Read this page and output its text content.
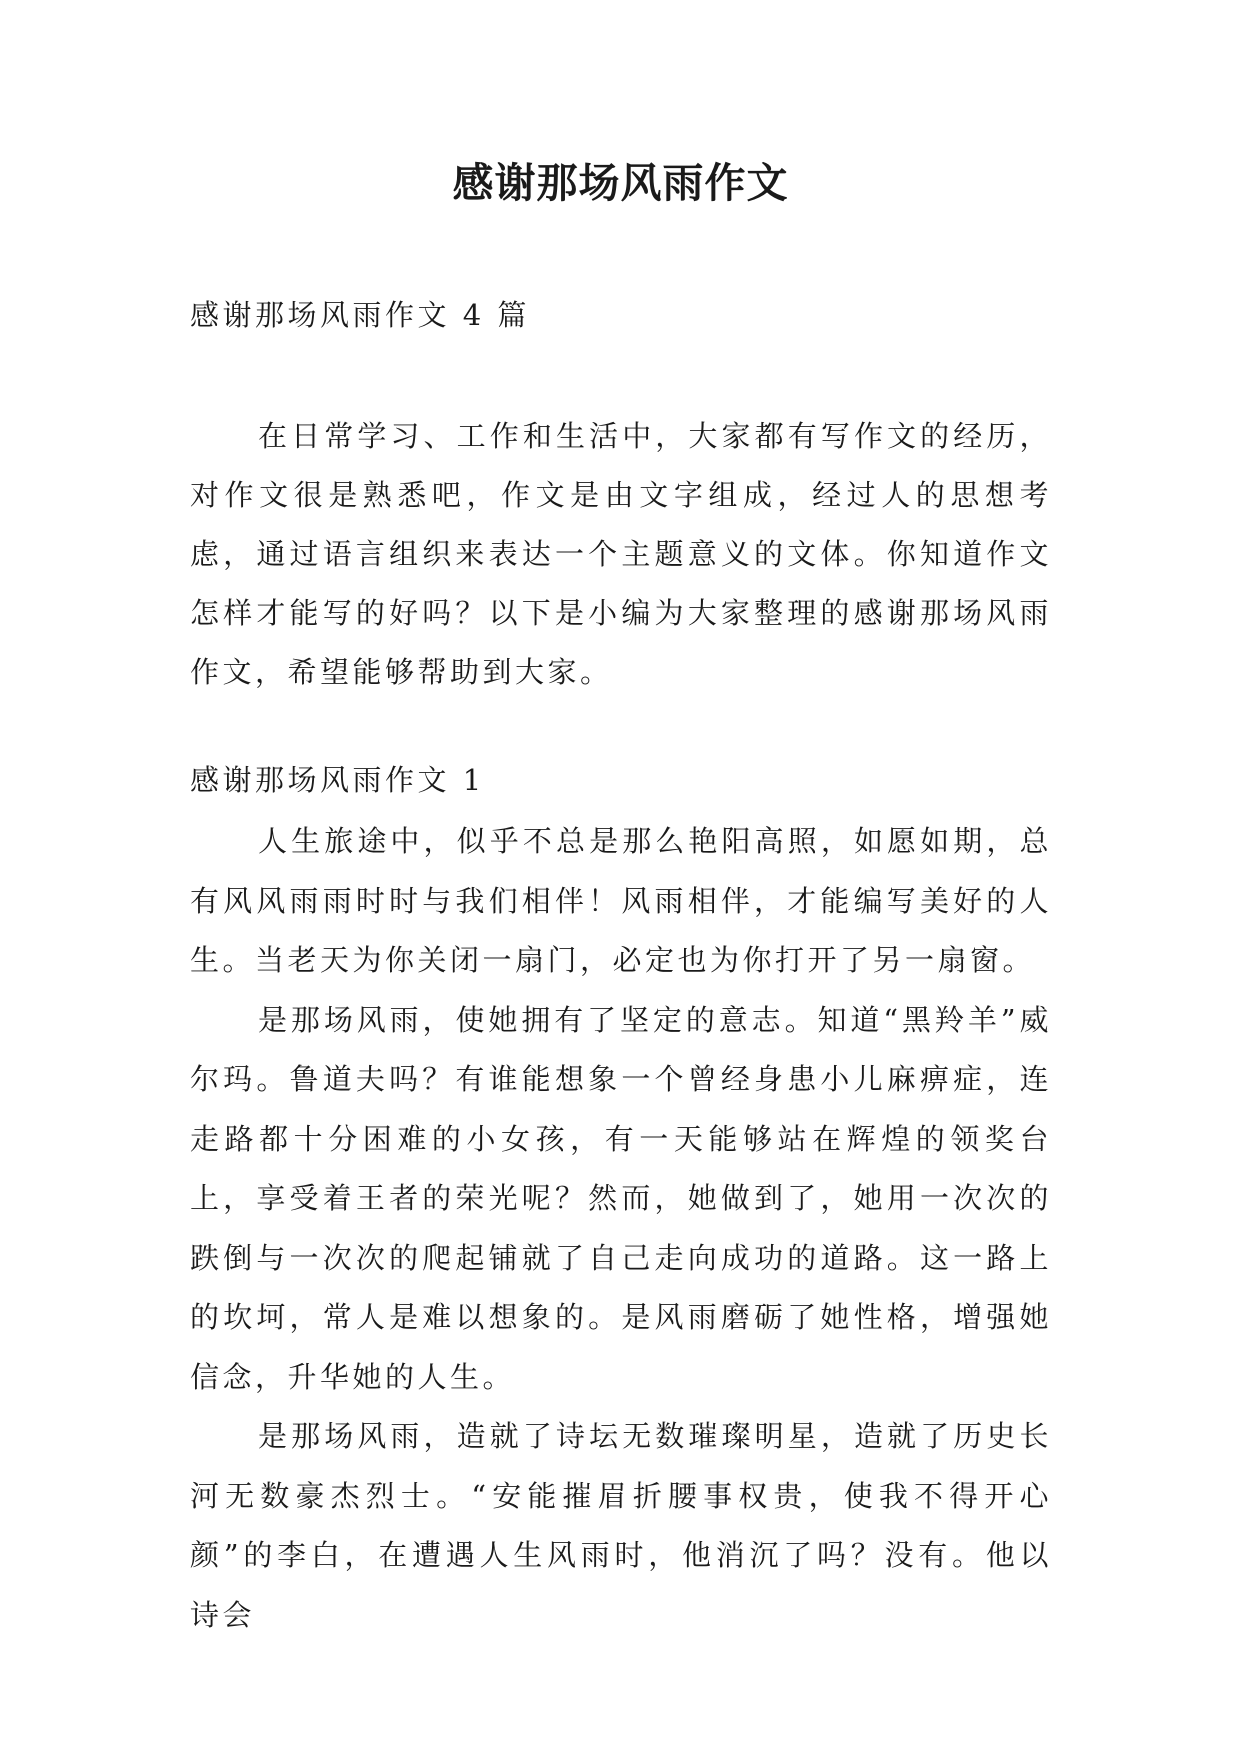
感谢那场风雨作文
感谢那场风雨作文 4 篇
在日常学习、工作和生活中，大家都有写作文的经历，对作文很是熟悉吧，作文是由文字组成，经过人的思想考虑，通过语言组织来表达一个主题意义的文体。你知道作文怎样才能写的好吗？以下是小编为大家整理的感谢那场风雨作文，希望能够帮助到大家。
感谢那场风雨作文 1

人生旅途中，似乎不总是那么艳阳高照，如愿如期，总有风风雨雨时时与我们相伴！风雨相伴，才能编写美好的人生。当老天为你关闭一扇门，必定也为你打开了另一扇窗。

是那场风雨，使她拥有了坚定的意志。知道“黑羚羊”威尔玛。鲁道夫吗？有谁能想象一个曾经身患小儿麻痹症，连走路都十分困难的小女孩，有一天能够站在辉煌的领奖台上，享受着王者的荣光呢？然而，她做到了，她用一次次的跌倒与一次次的爬起铺就了自己走向成功的道路。这一路上的坎坷，常人是难以想象的。是风雨磨砺了她性格，增强她信念，升华她的人生。

是那场风雨，造就了诗坛无数璀璨明星，造就了历史长河无数豪杰烈士。“安能摧眉折腰事权贵，使我不得开心颜”的李白，在遭遇人生风雨时，他消沉了吗？没有。他以诗会
